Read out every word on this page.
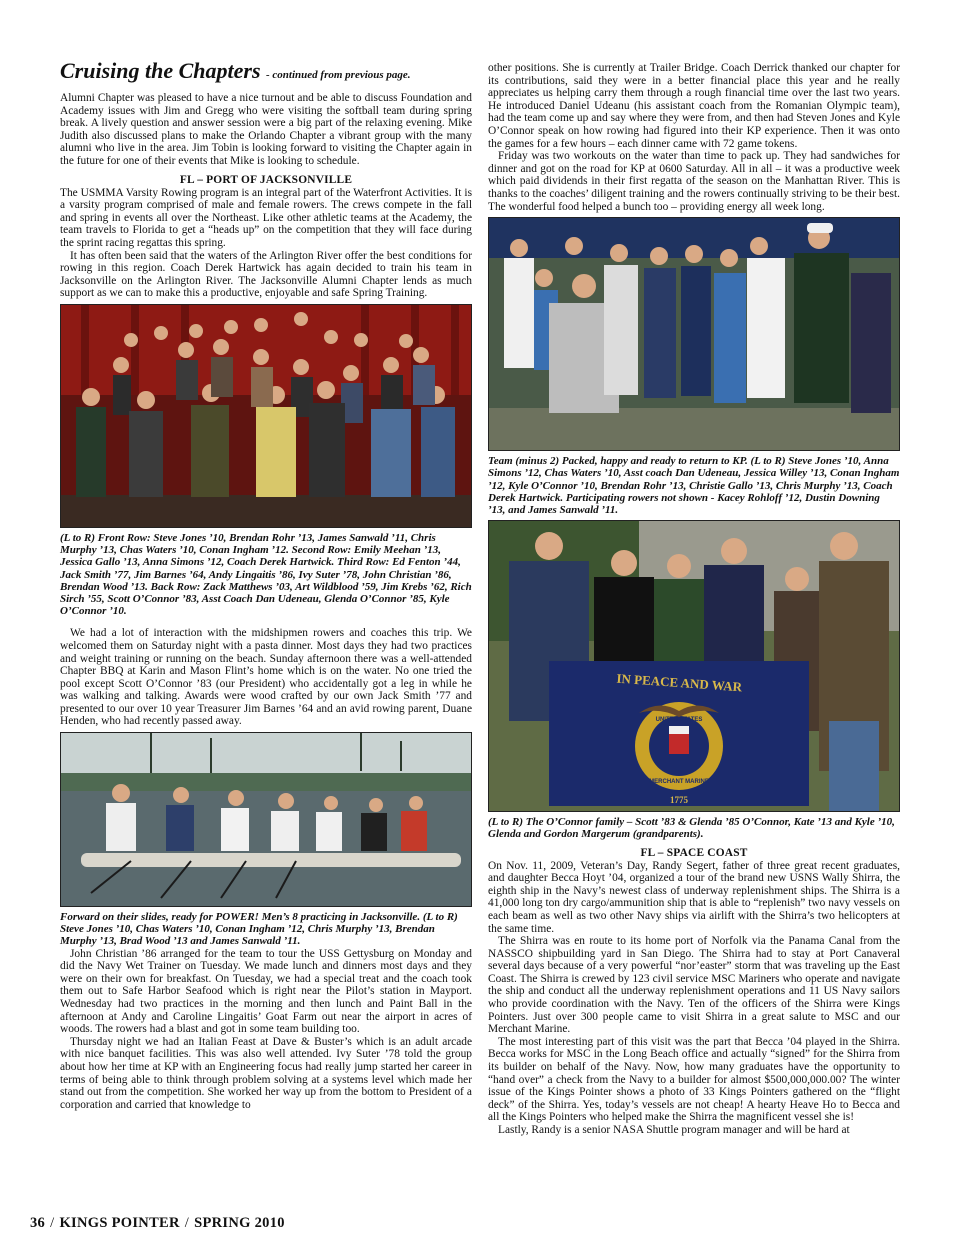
Cruising the Chapters - continued from previous page.

Alumni Chapter was pleased to have a nice turnout and be able to discuss Foundation and Academy issues with Jim and Gregg who were visiting the softball team during spring break. A lively question and answer session were a big part of the relaxing evening. Mike Judith also discussed plans to make the Orlando Chapter a vibrant group with the many alumni who live in the area. Jim Tobin is looking forward to visiting the Chapter again in the future for one of their events that Mike is looking to schedule.

FL – PORT OF JACKSONVILLE

The USMMA Varsity Rowing program is an integral part of the Waterfront Activities. It is a varsity program comprised of male and female rowers. The crews compete in the fall and spring in events all over the Northeast. Like other athletic teams at the Academy, the team travels to Florida to get a “heads up” on the competition that they will face during the sprint racing regattas this spring.

It has often been said that the waters of the Arlington River offer the best conditions for rowing in this region. Coach Derek Hartwick has again decided to train his team in Jacksonville on the Arlington River. The Jacksonville Alumni Chapter lends as much support as we can to make this a productive, enjoyable and safe Spring Training.

(L to R) Front Row: Steve Jones ’10, Brendan Rohr ’13, James Sanwald ’11, Chris Murphy ’13, Chas Waters ’10, Conan Ingham ’12. Second Row: Emily Meehan ’13, Jessica Gallo ’13, Anna Simons ’12, Coach Derek Hartwick. Third Row: Ed Fenton ’44, Jack Smith ’77, Jim Barnes ’64, Andy Lingaitis ’86, Ivy Suter ’78, John Christian ’86, Brendan Wood ’13. Back Row: Zack Matthews ’03, Art Wildblood ’59, Jim Krebs ’62, Rich Sirch ’55, Scott O’Connor ’83, Asst Coach Dan Udeneau, Glenda O’Connor ’85, Kyle O’Connor ’10.

We had a lot of interaction with the midshipmen rowers and coaches this trip. We welcomed them on Saturday night with a pasta dinner. Most days they had two practices and weight training or running on the beach. Sunday afternoon there was a well-attended Chapter BBQ at Karin and Mason Flint’s home which is on the water. No one tried the pool except Scott O’Connor ’83 (our President) who accidentally got a leg in while he was walking and talking. Awards were wood crafted by our own Jack Smith ’77 and presented to our over 10 year Treasurer Jim Barnes ’64 and an avid rowing parent, Duane Henden, who had recently passed away.

Forward on their slides, ready for POWER! Men’s 8 practicing in Jacksonville. (L to R) Steve Jones ’10, Chas Waters ’10, Conan Ingham ’12, Chris Murphy ’13, Brendan Murphy ’13, Brad Wood ’13 and James Sanwald ’11.

John Christian ’86 arranged for the team to tour the USS Gettysburg on Monday and did the Navy Wet Trainer on Tuesday. We made lunch and dinners most days and they were on their own for breakfast. On Tuesday, we had a special treat and the coach took them out to Safe Harbor Seafood which is right near the Pilot’s station in Mayport. Wednesday had two practices in the morning and then lunch and Paint Ball in the afternoon at Andy and Caroline Lingaitis’ Goat Farm out near the airport in acres of woods. The rowers had a blast and got in some team building too.

Thursday night we had an Italian Feast at Dave & Buster’s which is an adult arcade with nice banquet facilities. This was also well attended. Ivy Suter ’78 told the group about how her time at KP with an Engineering focus had really jump started her career in terms of being able to think through problem solving at a systems level which made her stand out from the competition. She worked her way up from the bottom to President of a corporation and carried that knowledge to

other positions. She is currently at Trailer Bridge. Coach Derrick thanked our chapter for its contributions, said they were in a better financial place this year and he really appreciates us helping carry them through a rough financial time over the last two years. He introduced Daniel Udeanu (his assistant coach from the Romanian Olympic team), had the team come up and say where they were from, and then had Steven Jones and Kyle O’Connor speak on how rowing had figured into their KP experience. Then it was onto the games for a few hours – each dinner came with 72 game tokens.

Friday was two workouts on the water than time to pack up. They had sandwiches for dinner and got on the road for KP at 0600 Saturday. All in all – it was a productive week which paid dividends in their first regatta of the season on the Manhattan River. This is thanks to the coaches’ diligent training and the rowers continually striving to be their best. The wonderful food helped a bunch too – providing energy all week long.

Team (minus 2) Packed, happy and ready to return to KP. (L to R) Steve Jones ’10, Anna Simons ’12, Chas Waters ’10, Asst coach Dan Udeneau, Jessica Willey ’13, Conan Ingham ’12, Kyle O’Connor ’10, Brendan Rohr ’13, Christie Gallo ’13, Chris Murphy ’13, Coach Derek Hartwick. Participating rowers not shown - Kacey Rohloff ’12, Dustin Downing ’13, and James Sanwald ’11.

IN PEACE AND WAR
UNITED STATES
MERCHANT MARINE
1775

(L to R) The O’Connor family – Scott ’83 & Glenda ’85 O’Connor, Kate ’13 and Kyle ’10, Glenda and Gordon Margerum (grandparents).

FL – SPACE COAST

On Nov. 11, 2009, Veteran’s Day, Randy Segert, father of three great recent graduates, and daughter Becca Hoyt ’04, organized a tour of the brand new USNS Wally Shirra, the eighth ship in the Navy’s newest class of underway replenishment ships. The Shirra is a 41,000 long ton dry cargo/ammunition ship that is able to “replenish” two navy vessels on each beam as well as two other Navy ships via airlift with the Shirra’s two helicopters at the same time.

The Shirra was en route to its home port of Norfolk via the Panama Canal from the NASSCO shipbuilding yard in San Diego. The Shirra had to stay at Port Canaveral several days because of a very powerful “nor’easter” storm that was traveling up the East Coast. The Shirra is crewed by 123 civil service MSC Mariners who operate and navigate the ship and conduct all the underway replenishment operations and 11 US Navy sailors who provide coordination with the Navy. Ten of the officers of the Shirra were Kings Pointers. Just over 300 people came to visit Shirra in a great salute to MSC and our Merchant Marine.

The most interesting part of this visit was the part that Becca ’04 played in the Shirra. Becca works for MSC in the Long Beach office and actually “signed” for the Shirra from its builder on behalf of the Navy. Now, how many graduates have the opportunity to “hand over” a check from the Navy to a builder for almost $500,000,000.00? The winter issue of the Kings Pointer shows a photo of 33 Kings Pointers gathered on the “flight deck” of the Shirra. Yes, today’s vessels are not cheap! A hearty Heave Ho to Becca and all the Kings Pointers who helped make the Shirra the magnificent vessel she is!

Lastly, Randy is a senior NASA Shuttle program manager and will be hard at

36 / KINGS POINTER / SPRING 2010
